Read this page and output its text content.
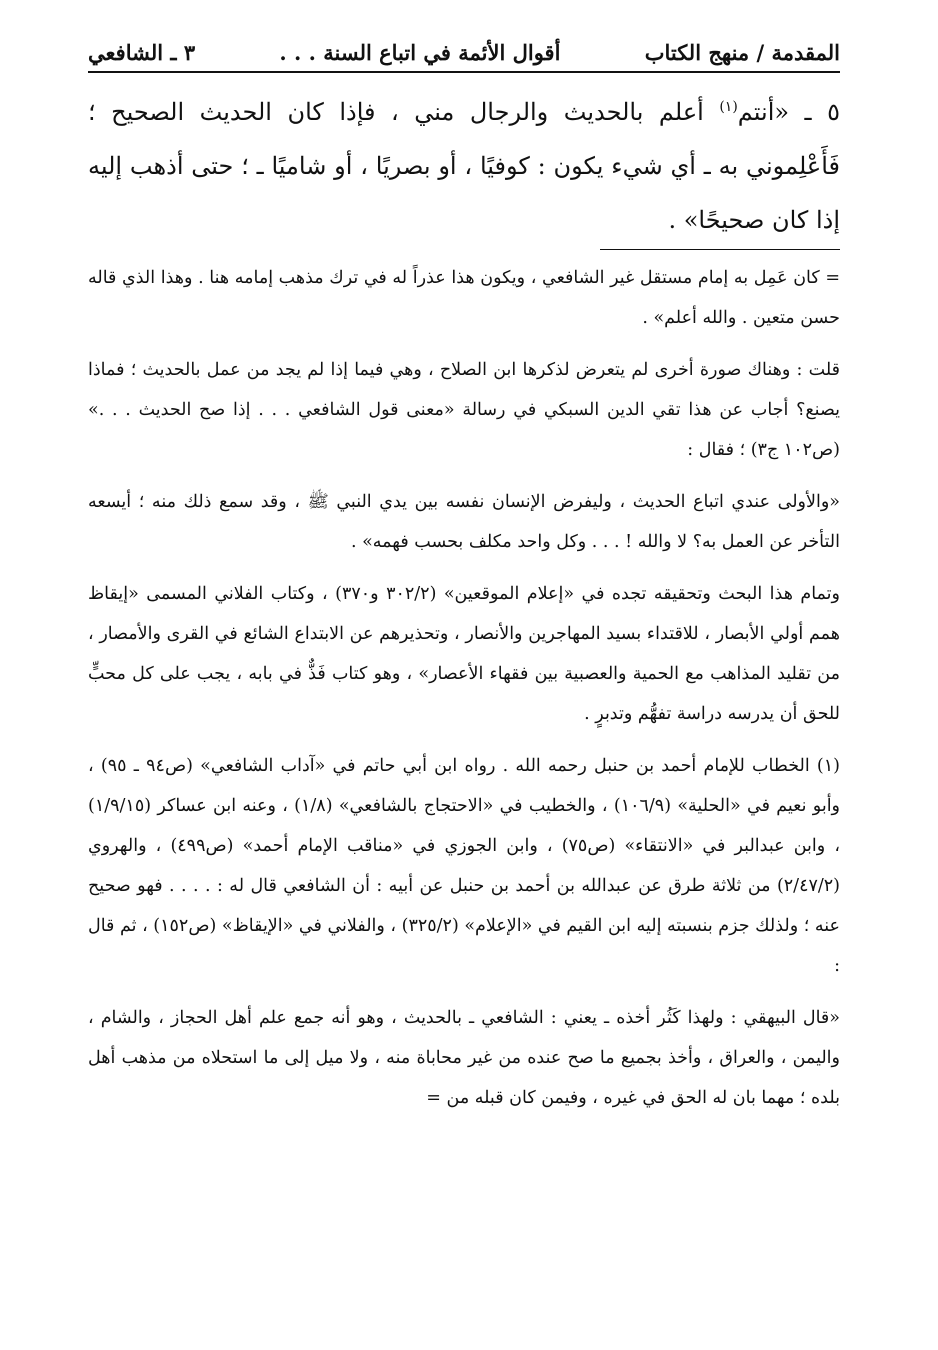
المقدمة / منهج الكتاب
أقوال الأئمة في اتباع السنة . . .
٣ ـ الشافعي

٥ ـ «أنتم$^{(١)}$ أعلم بالحديث والرجال مني ، فإذا كان الحديث الصحيح ؛ فَأَعْلِموني به ـ أي شيء يكون : كوفيًا ، أو بصريًا ، أو شاميًا ـ ؛ حتى أذهب إليه إذا كان صحيحًا» .

= كان عَمِل به إمام مستقل غير الشافعي ، ويكون هذا عذراً له في ترك مذهب إمامه هنا . وهذا الذي قاله حسن متعين . والله أعلم» .

قلت : وهناك صورة أخرى لم يتعرض لذكرها ابن الصلاح ، وهي فيما إذا لم يجد من عمل بالحديث ؛ فماذا يصنع؟ أجاب عن هذا تقي الدين السبكي في رسالة «معنى قول الشافعي . . . إذا صح الحديث . . .» (ص١٠٢ ج٣) ؛ فقال :

«والأولى عندي اتباع الحديث ، وليفرض الإنسان نفسه بين يدي النبي ﷺ ، وقد سمع ذلك منه ؛ أيسعه التأخر عن العمل به؟ لا والله ! . . . وكل واحد مكلف بحسب فهمه» .

وتمام هذا البحث وتحقيقه تجده في «إعلام الموقعين» (٣٠٢/٢ و٣٧٠) ، وكتاب الفلاني المسمى «إيقاظ همم أولي الأبصار ، للاقتداء بسيد المهاجرين والأنصار ، وتحذيرهم عن الابتداع الشائع في القرى والأمصار ، من تقليد المذاهب مع الحمية والعصبية بين فقهاء الأعصار» ، وهو كتاب فَذٌّ في بابه ، يجب على كل محبٍّ للحق أن يدرسه دراسة تفهُّم وتدبرٍ .

(١) الخطاب للإمام أحمد بن حنبل رحمه الله . رواه ابن أبي حاتم في «آداب الشافعي» (ص٩٤ ـ ٩٥) ، وأبو نعيم في «الحلية» (١٠٦/٩) ، والخطيب في «الاحتجاج بالشافعي» (١/٨) ، وعنه ابن عساكر (١/٩/١٥) ، وابن عبدالبر في «الانتقاء» (ص٧٥) ، وابن الجوزي في «مناقب الإمام أحمد» (ص٤٩٩) ، والهروي (٢/٤٧/٢) من ثلاثة طرق عن عبدالله بن أحمد بن حنبل عن أبيه : أن الشافعي قال له : . . . . فهو صحيح عنه ؛ ولذلك جزم بنسبته إليه ابن القيم في «الإعلام» (٣٢٥/٢) ، والفلاني في «الإيقاظ» (ص١٥٢) ، ثم قال :

«قال البيهقي : ولهذا كَثُر أخذه ـ يعني : الشافعي ـ بالحديث ، وهو أنه جمع علم أهل الحجاز ، والشام ، واليمن ، والعراق ، وأخذ بجميع ما صح عنده من غير محاباة منه ، ولا ميل إلى ما استحلاه من مذهب أهل بلده ؛ مهما بان له الحق في غيره ، وفيمن كان قبله من =
